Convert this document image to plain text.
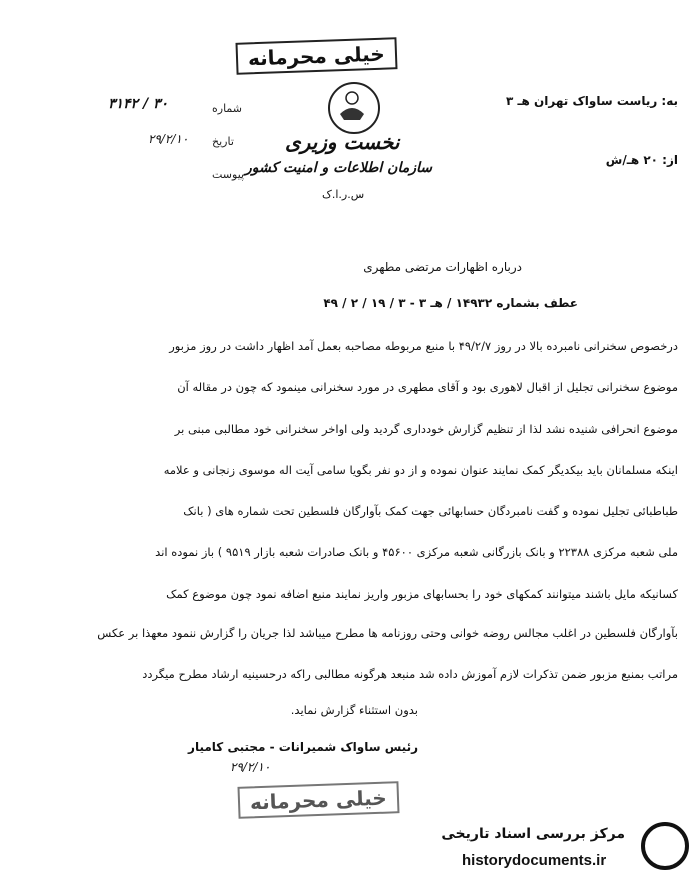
خیلی محرمانه
نخست وزیری
سازمان اطلاعات و امنیت کشور
س.ر.ا.ک
شماره
تاریخ
پیوست
۳۱۴۲ / ۳۰
۲۹/۲/۱۰
به: ریاست ساواک تهران هـ ۳
از: ۲۰ هـ/ش
درباره اظهارات مرتضی مطهری
عطف بشماره ۱۴۹۳۲ / هـ ۳ - ۳ / ۱۹ / ۲ / ۴۹
درخصوص سخنرانی نامبرده بالا در روز ۴۹/۲/۷ با منبع مربوطه مصاحبه بعمل آمد اظهار داشت در روز مزبور
موضوع سخنرانی تجلیل از اقبال لاهوری بود و آقای مطهری در مورد سخنرانی مینمود که چون در مقاله آن
موضوع انحرافی شنیده نشد لذا از تنظیم گزارش خودداری گردید ولی اواخر سخنرانی خود مطالبی مبنی بر
اینکه مسلمانان باید بیکدیگر کمک نمایند عنوان نموده و از دو نفر بگویا سامی آیت اله موسوی زنجانی و علامه
طباطبائی تجلیل نموده و گفت نامبردگان حسابهائی جهت کمک بآوارگان فلسطین تحت شماره های ( بانک
ملی شعبه مرکزی ۲۲۳۸۸ و بانک بازرگانی شعبه مرکزی ۴۵۶۰۰ و بانک صادرات شعبه بازار ۹۵۱۹ ) باز نموده اند
کسانیکه مایل باشند میتوانند کمکهای خود را بحسابهای مزبور واریز نمایند منبع اضافه نمود چون موضوع کمک
بآوارگان فلسطین در اغلب مجالس روضه خوانی وحتی روزنامه ها مطرح میباشد لذا جریان را گزارش ننمود معهذا بر عکس
مراتب بمنبع مزبور ضمن تذکرات لازم آموزش داده شد منبعد هرگونه مطالبی راکه درحسینیه ارشاد مطرح میگردد
بدون استثناء گزارش نماید.
رئیس ساواک شمیرانات - مجتبی کامیار
۲۹/۲/۱۰
خیلی محرمانه
مرکز بررسی اسناد تاریخی
historydocuments.ir
